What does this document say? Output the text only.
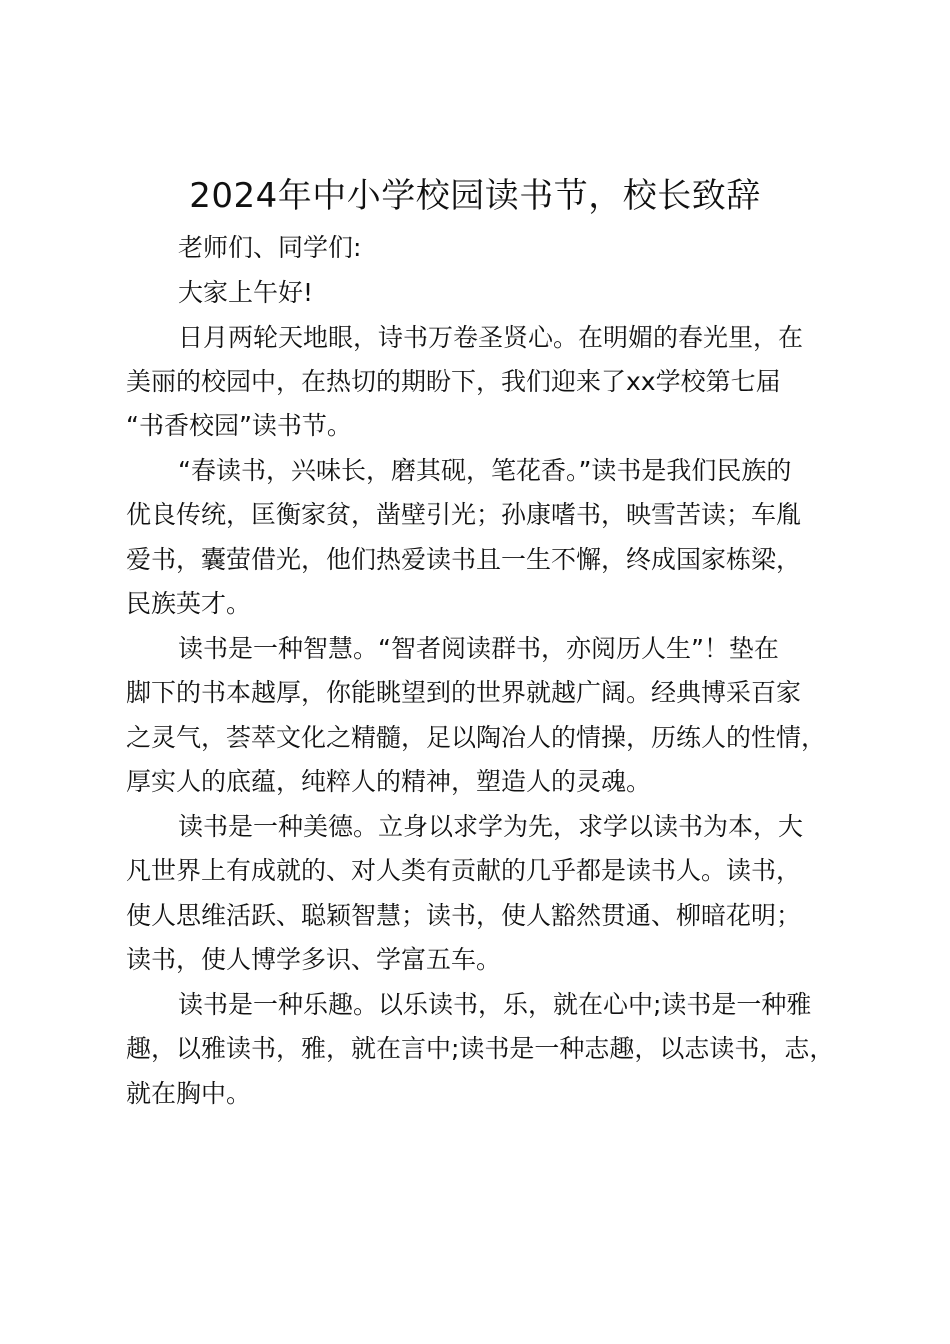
2024年中小学校园读书节，校长致辞

老师们、同学们:

大家上午好!

日月两轮天地眼，诗书万卷圣贤心。在明媚的春光里，在

美丽的校园中，在热切的期盼下，我们迎来了xx学校第七届

“书香校园”读书节。

“春读书，兴味长，磨其砚，笔花香。”读书是我们民族的

优良传统，匡衡家贫，凿壁引光；孙康嗜书，映雪苦读；车胤

爱书，囊萤借光，他们热爱读书且一生不懈，终成国家栋梁，

民族英才。

读书是一种智慧。“智者阅读群书，亦阅历人生”！垫在

脚下的书本越厚，你能眺望到的世界就越广阔。经典博采百家

之灵气，荟萃文化之精髓，足以陶冶人的情操，历练人的性情，

厚实人的底蕴，纯粹人的精神，塑造人的灵魂。

读书是一种美德。立身以求学为先，求学以读书为本，大

凡世界上有成就的、对人类有贡献的几乎都是读书人。读书，

使人思维活跃、聪颖智慧；读书，使人豁然贯通、柳暗花明；

读书，使人博学多识、学富五车。

读书是一种乐趣。以乐读书，乐，就在心中;读书是一种雅

趣，以雅读书，雅，就在言中;读书是一种志趣，以志读书，志，

就在胸中。
